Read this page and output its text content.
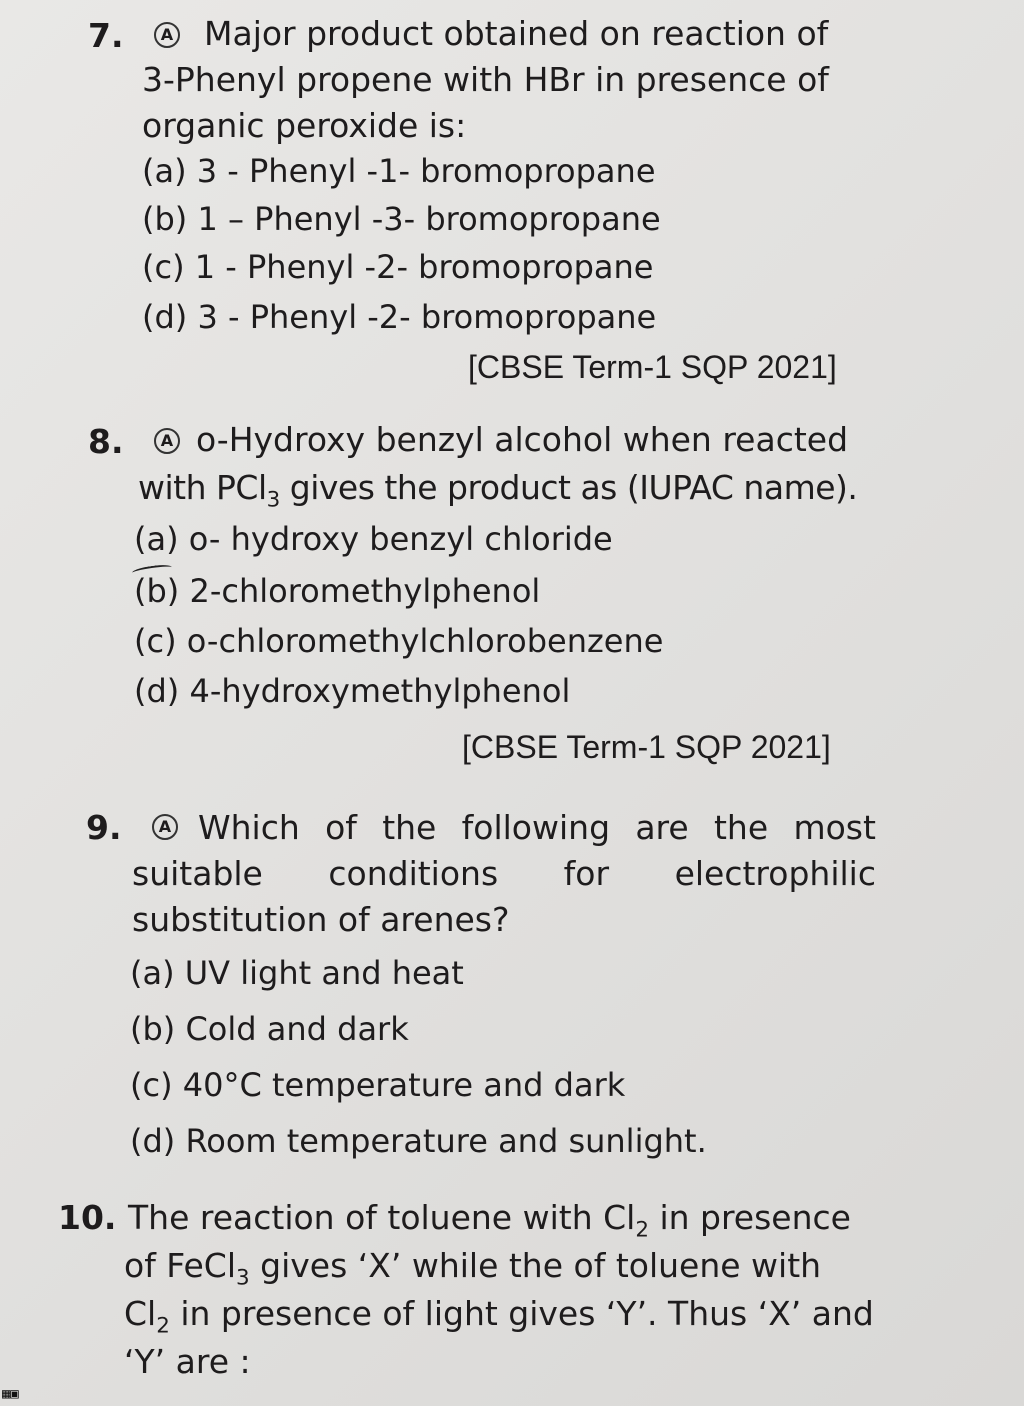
7.	A Major product obtained on reaction of
3-Phenyl propene with HBr in presence of
organic peroxide is:
(a) 3 - Phenyl -1- bromopropane
(b) 1 – Phenyl -3- bromopropane
(c) 1 - Phenyl -2- bromopropane
(d) 3 - Phenyl -2- bromopropane
[CBSE Term-1 SQP 2021]
8.	A o-Hydroxy benzyl alcohol when reacted
with PCl$_3$ gives the product as (IUPAC name).
(a) o- hydroxy benzyl chloride
(b) 2-chloromethylphenol
(c) o-chloromethylchlorobenzene
(d) 4-hydroxymethylphenol
[CBSE Term-1 SQP 2021]
9.	A Which of the following are the most
suitable conditions for electrophilic
substitution of arenes?
(a) UV light and heat
(b) Cold and dark
(c) 40°C temperature and dark
(d) Room temperature and sunlight.
10. The reaction of toluene with $Cl_2$ in presence
of FeCl$_3$ gives ‘X’ while the of toluene with
$Cl_2$ in presence of light gives ‘Y’. Thus ‘X’ and
‘Y’ are :
▦▣
